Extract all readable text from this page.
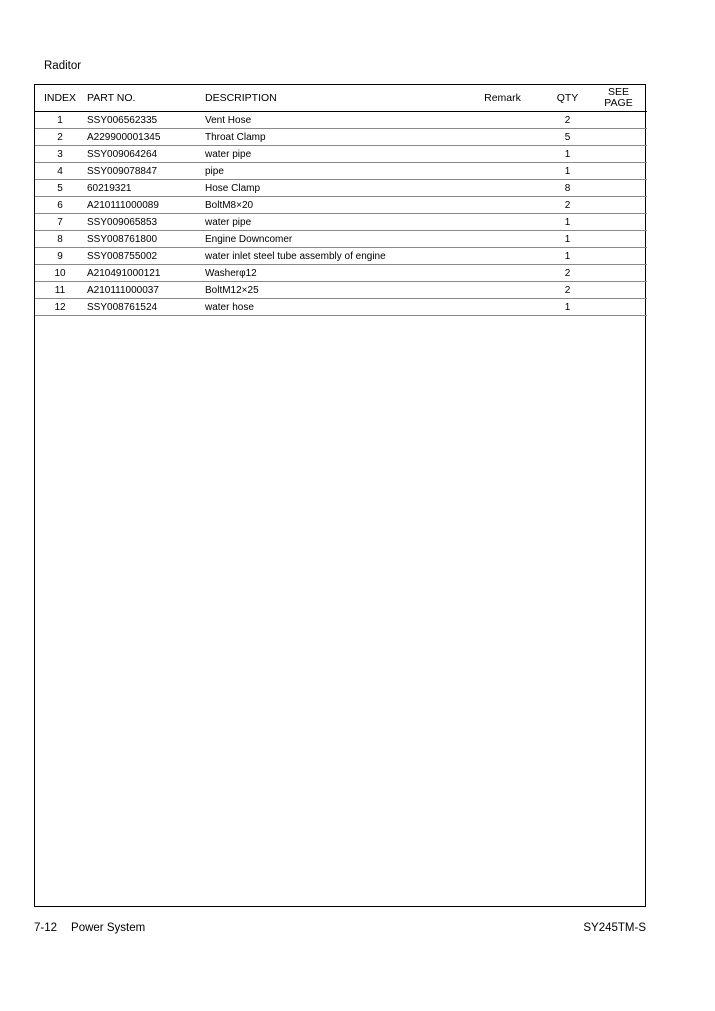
Raditor
INDEX	PART NO.	DESCRIPTION	Remark	QTY	SEE
PAGE
1	SSY006562335	Vent Hose		2	
2	A229900001345	Throat Clamp		5	
3	SSY009064264	water pipe		1	
4	SSY009078847	pipe		1	
5	60219321	Hose Clamp		8	
6	A210111000089	BoltM8×20		2	
7	SSY009065853	water pipe		1	
8	SSY008761800	Engine Downcomer		1	
9	SSY008755002	water inlet steel tube assembly of engine		1	
10	A210491000121	Washerφ12		2	
11	A210111000037	BoltM12×25		2	
12	SSY008761524	water hose		1	
7-12 Power System	SY245TM-S
